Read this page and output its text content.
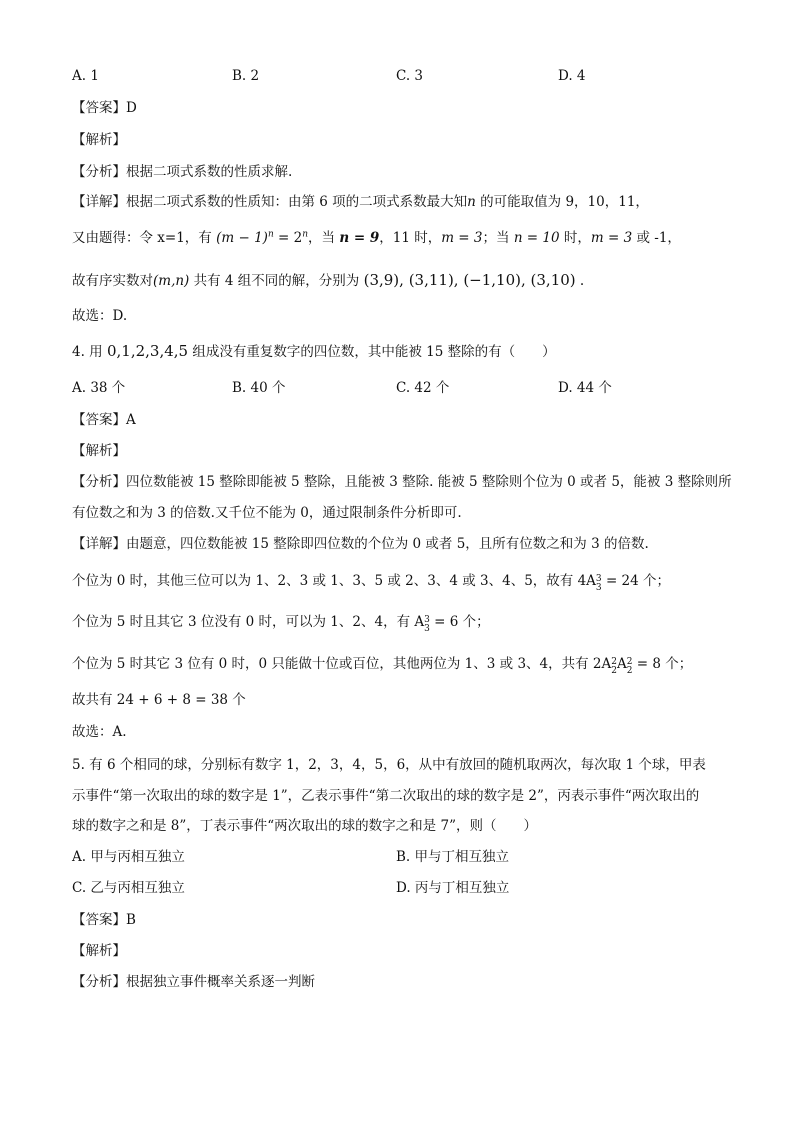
A. 1	B. 2	C. 3	D. 4
【答案】D
【解析】
【分析】根据二项式系数的性质求解.
【详解】根据二项式系数的性质知：由第 6 项的二项式系数最大知n 的可能取值为 9，10，11，
又由题得：令 x=1，有 $(m - 1)^n = 2^n$，当 n = 9，11 时，m = 3；当 n = 10 时，m = 3 或 -1，
故有序实数对(m,n) 共有 4 组不同的解，分别为 (3,9), (3,11), (−1,10), (3,10) .
故选：D.
4. 用 0,1,2,3,4,5 组成没有重复数字的四位数，其中能被 15 整除的有（　　）
A. 38 个	B. 40 个	C. 42 个	D. 44 个
【答案】A
【解析】
【分析】四位数能被 15 整除即能被 5 整除，且能被 3 整除. 能被 5 整除则个位为 0 或者 5，能被 3 整除则所
有位数之和为 3 的倍数.又千位不能为 0，通过限制条件分析即可.
【详解】由题意，四位数能被 15 整除即四位数的个位为 0 或者 5，且所有位数之和为 3 的倍数.
个位为 0 时，其他三位可以为 1、2、3 或 1、3、5 或 2、3、4 或 3、4、5，故有 4A 3
3 = 24 个；
个位为 5 时且其它 3 位没有 0 时，可以为 1、2、4，有 A 3
3 = 6 个；
个位为 5 时其它 3 位有 0 时，0 只能做十位或百位，其他两位为 1、3 或 3、4，共有 2A 2
2 A 2
2 = 8 个；
故共有 24 + 6 + 8 = 38 个
故选：A.
5. 有 6 个相同的球，分别标有数字 1，2，3，4，5，6，从中有放回的随机取两次，每次取 1 个球，甲表
示事件“第一次取出的球的数字是 1”，乙表示事件“第二次取出的球的数字是 2”，丙表示事件“两次取出的
球的数字之和是 8”，丁表示事件“两次取出的球的数字之和是 7”，则（　　）
A. 甲与丙相互独立	B. 甲与丁相互独立
C. 乙与丙相互独立	D. 丙与丁相互独立
【答案】B
【解析】
【分析】根据独立事件概率关系逐一判断
